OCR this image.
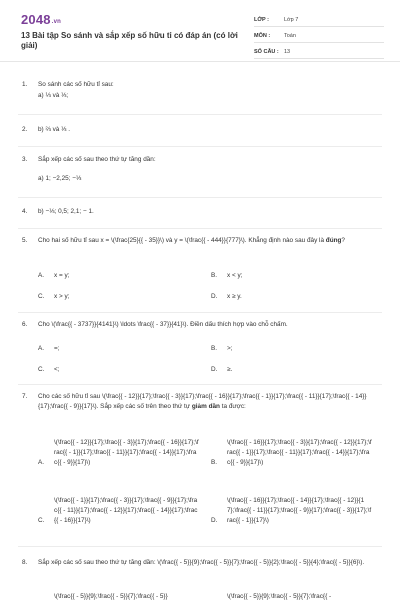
2048.vn
13 Bài tập So sánh và sắp xếp số hữu tỉ có đáp án (có lời giải)
LỚP :	Lớp 7
MÔN :	Toán
SỐ CÂU : 13
1.	So sánh các số hữu tỉ sau:
a) ⅓ và ⅓;
2.	b) ⅔ và ⅓ .
3.	Sắp xếp các số sau theo thứ tự tăng dần:
a) 1; −2,25; −⅓
4.	b) −⅓; 0,5; 2,1; − 1.
5.	Cho hai số hữu tỉ sau x = \(\frac{25}{{ - 35}}\) và y = \(\frac{{ - 444}}{777}\). Khẳng định nào sau đây là đúng?
A.	x = y;	B.	x < y;
C.	x > y;	D.	x ≥ y.
6.	Cho \(\frac{{ - 3737}}{4141}\) \ldots \frac{{ - 37}}{41}\). Điền dấu thích hợp vào chỗ chấm.
A.	=;	B.	>;
C.	<;	D.	≥.
7.	Cho các số hữu tỉ sau \(\frac{{ - 12}}{17};\frac{{ - 3}}{17};\frac{{ - 16}}{17};\frac{{ - 1}}{17};\frac{{ - 11}}{17};\frac{{ - 14}}{17};\frac{{ - 9}}{17}\). Sắp xếp các số trên theo thứ tự giảm dần ta được:
A.
\(\frac{{ - 12}}{17};\frac{{ - 3}}{17};\frac{{ - 16}}{17};\frac{{ - 1}}{17};\frac{{ - 11}}{17};\frac{{ - 14}}{17};\frac{{ - 9}}{17}\)	B.
\(\frac{{ - 16}}{17};\frac{{ - 3}}{17};\frac{{ - 12}}{17};\frac{{ - 1}}{17};\frac{{ - 11}}{17};\frac{{ - 14}}{17};\frac{{ - 9}}{17}\)
C.
\(\frac{{ - 1}}{17};\frac{{ - 3}}{17};\frac{{ - 9}}{17};\frac{{ - 11}}{17};\frac{{ - 12}}{17};\frac{{ - 14}}{17};\frac{{ - 16}}{17}\)	D.
\(\frac{{ - 16}}{17};\frac{{ - 14}}{17};\frac{{ - 12}}{17};\frac{{ - 11}}{17};\frac{{ - 9}}{17};\frac{{ - 3}}{17};\frac{{ - 1}}{17}\)
8.	Sắp xếp các số sau theo thứ tự tăng dần: \(\frac{{ - 5}}{9};\frac{{ - 5}}{7};\frac{{ - 5}}{2};\frac{{ - 5}}{4};\frac{{ - 5}}{6}\).
\(\frac{{ - 5}}{9};\frac{{ - 5}}{7};\frac{{ - 5}}	\(\frac{{ - 5}}{9};\frac{{ - 5}}{7};\frac{{ -
